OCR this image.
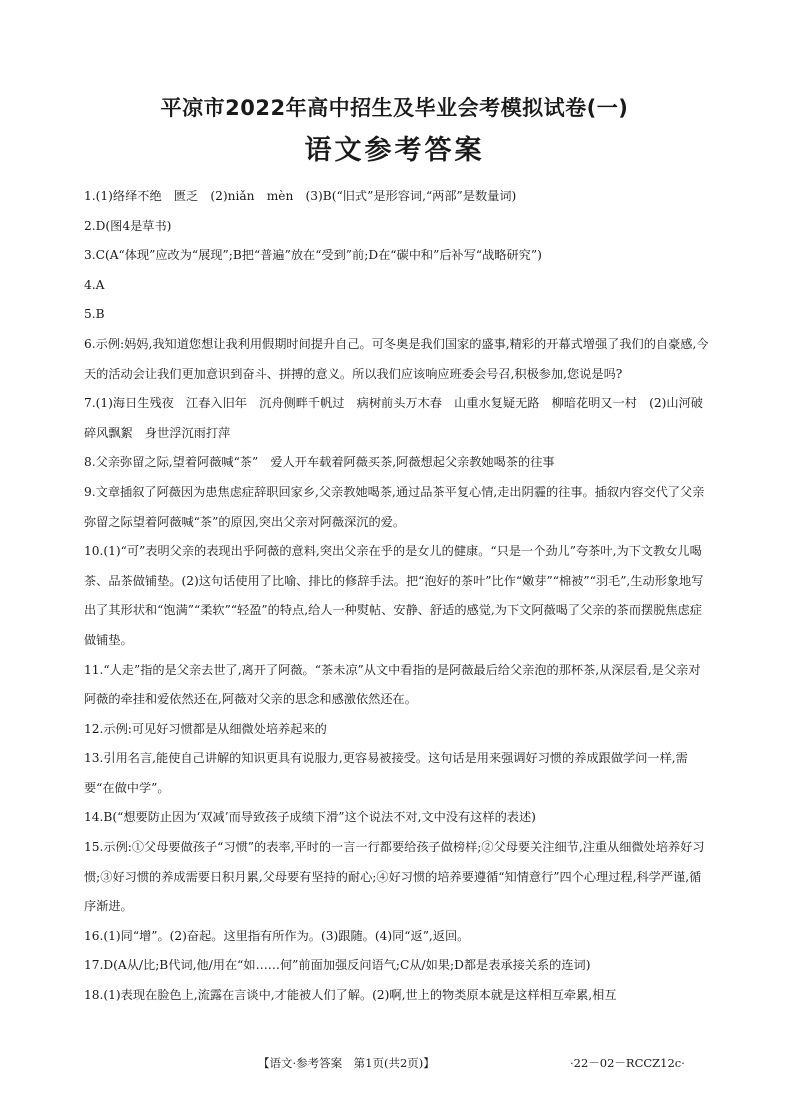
平凉市2022年高中招生及毕业会考模拟试卷(一)
语文参考答案

1.(1)络绎不绝　匮乏　(2)niǎn　mèn　(3)B(“旧式”是形容词,“两部”是数量词)

2.D(图4是草书)

3.C(A“体现”应改为“展现”;B把“普遍”放在“受到”前;D在“碳中和”后补写“战略研究”)

4.A

5.B

6.示例:妈妈,我知道您想让我利用假期时间提升自己。可冬奥是我们国家的盛事,精彩的开幕式增强了我们的自豪感,今天的活动会让我们更加意识到奋斗、拼搏的意义。所以我们应该响应班委会号召,积极参加,您说是吗?

7.(1)海日生残夜　江春入旧年　沉舟侧畔千帆过　病树前头万木春　山重水复疑无路　柳暗花明又一村　(2)山河破碎风飘絮　身世浮沉雨打萍

8.父亲弥留之际,望着阿薇喊“茶”　爱人开车载着阿薇买茶,阿薇想起父亲教她喝茶的往事

9.文章插叙了阿薇因为患焦虑症辞职回家乡,父亲教她喝茶,通过品茶平复心情,走出阴霾的往事。插叙内容交代了父亲弥留之际望着阿薇喊“茶”的原因,突出父亲对阿薇深沉的爱。

10.(1)“可”表明父亲的表现出乎阿薇的意料,突出父亲在乎的是女儿的健康。“只是一个劲儿”夸茶叶,为下文教女儿喝茶、品茶做铺垫。(2)这句话使用了比喻、排比的修辞手法。把“泡好的茶叶”比作“嫩芽”“棉被”“羽毛”,生动形象地写出了其形状和“饱满”“柔软”“轻盈”的特点,给人一种熨帖、安静、舒适的感觉,为下文阿薇喝了父亲的茶而摆脱焦虑症做铺垫。

11.“人走”指的是父亲去世了,离开了阿薇。“茶未凉”从文中看指的是阿薇最后给父亲泡的那杯茶,从深层看,是父亲对阿薇的牵挂和爱依然还在,阿薇对父亲的思念和感激依然还在。

12.示例:可见好习惯都是从细微处培养起来的

13.引用名言,能使自己讲解的知识更具有说服力,更容易被接受。这句话是用来强调好习惯的养成跟做学问一样,需要“在做中学”。

14.B(“想要防止因为‘双减’而导致孩子成绩下滑”这个说法不对,文中没有这样的表述)

15.示例:①父母要做孩子“习惯”的表率,平时的一言一行都要给孩子做榜样;②父母要关注细节,注重从细微处培养好习惯;③好习惯的养成需要日积月累,父母要有坚持的耐心;④好习惯的培养要遵循“知情意行”四个心理过程,科学严谨,循序渐进。

16.(1)同“增”。(2)奋起。这里指有所作为。(3)跟随。(4)同“返”,返回。

17.D(A从/比;B代词,他/用在“如……何”前面加强反问语气;C从/如果;D都是表承接关系的连词)

18.(1)表现在脸色上,流露在言谈中,才能被人们了解。(2)啊,世上的物类原本就是这样相互牵累,相互

【语文·参考答案　第1页(共2页)】	·22－02－RCCZ12c·
